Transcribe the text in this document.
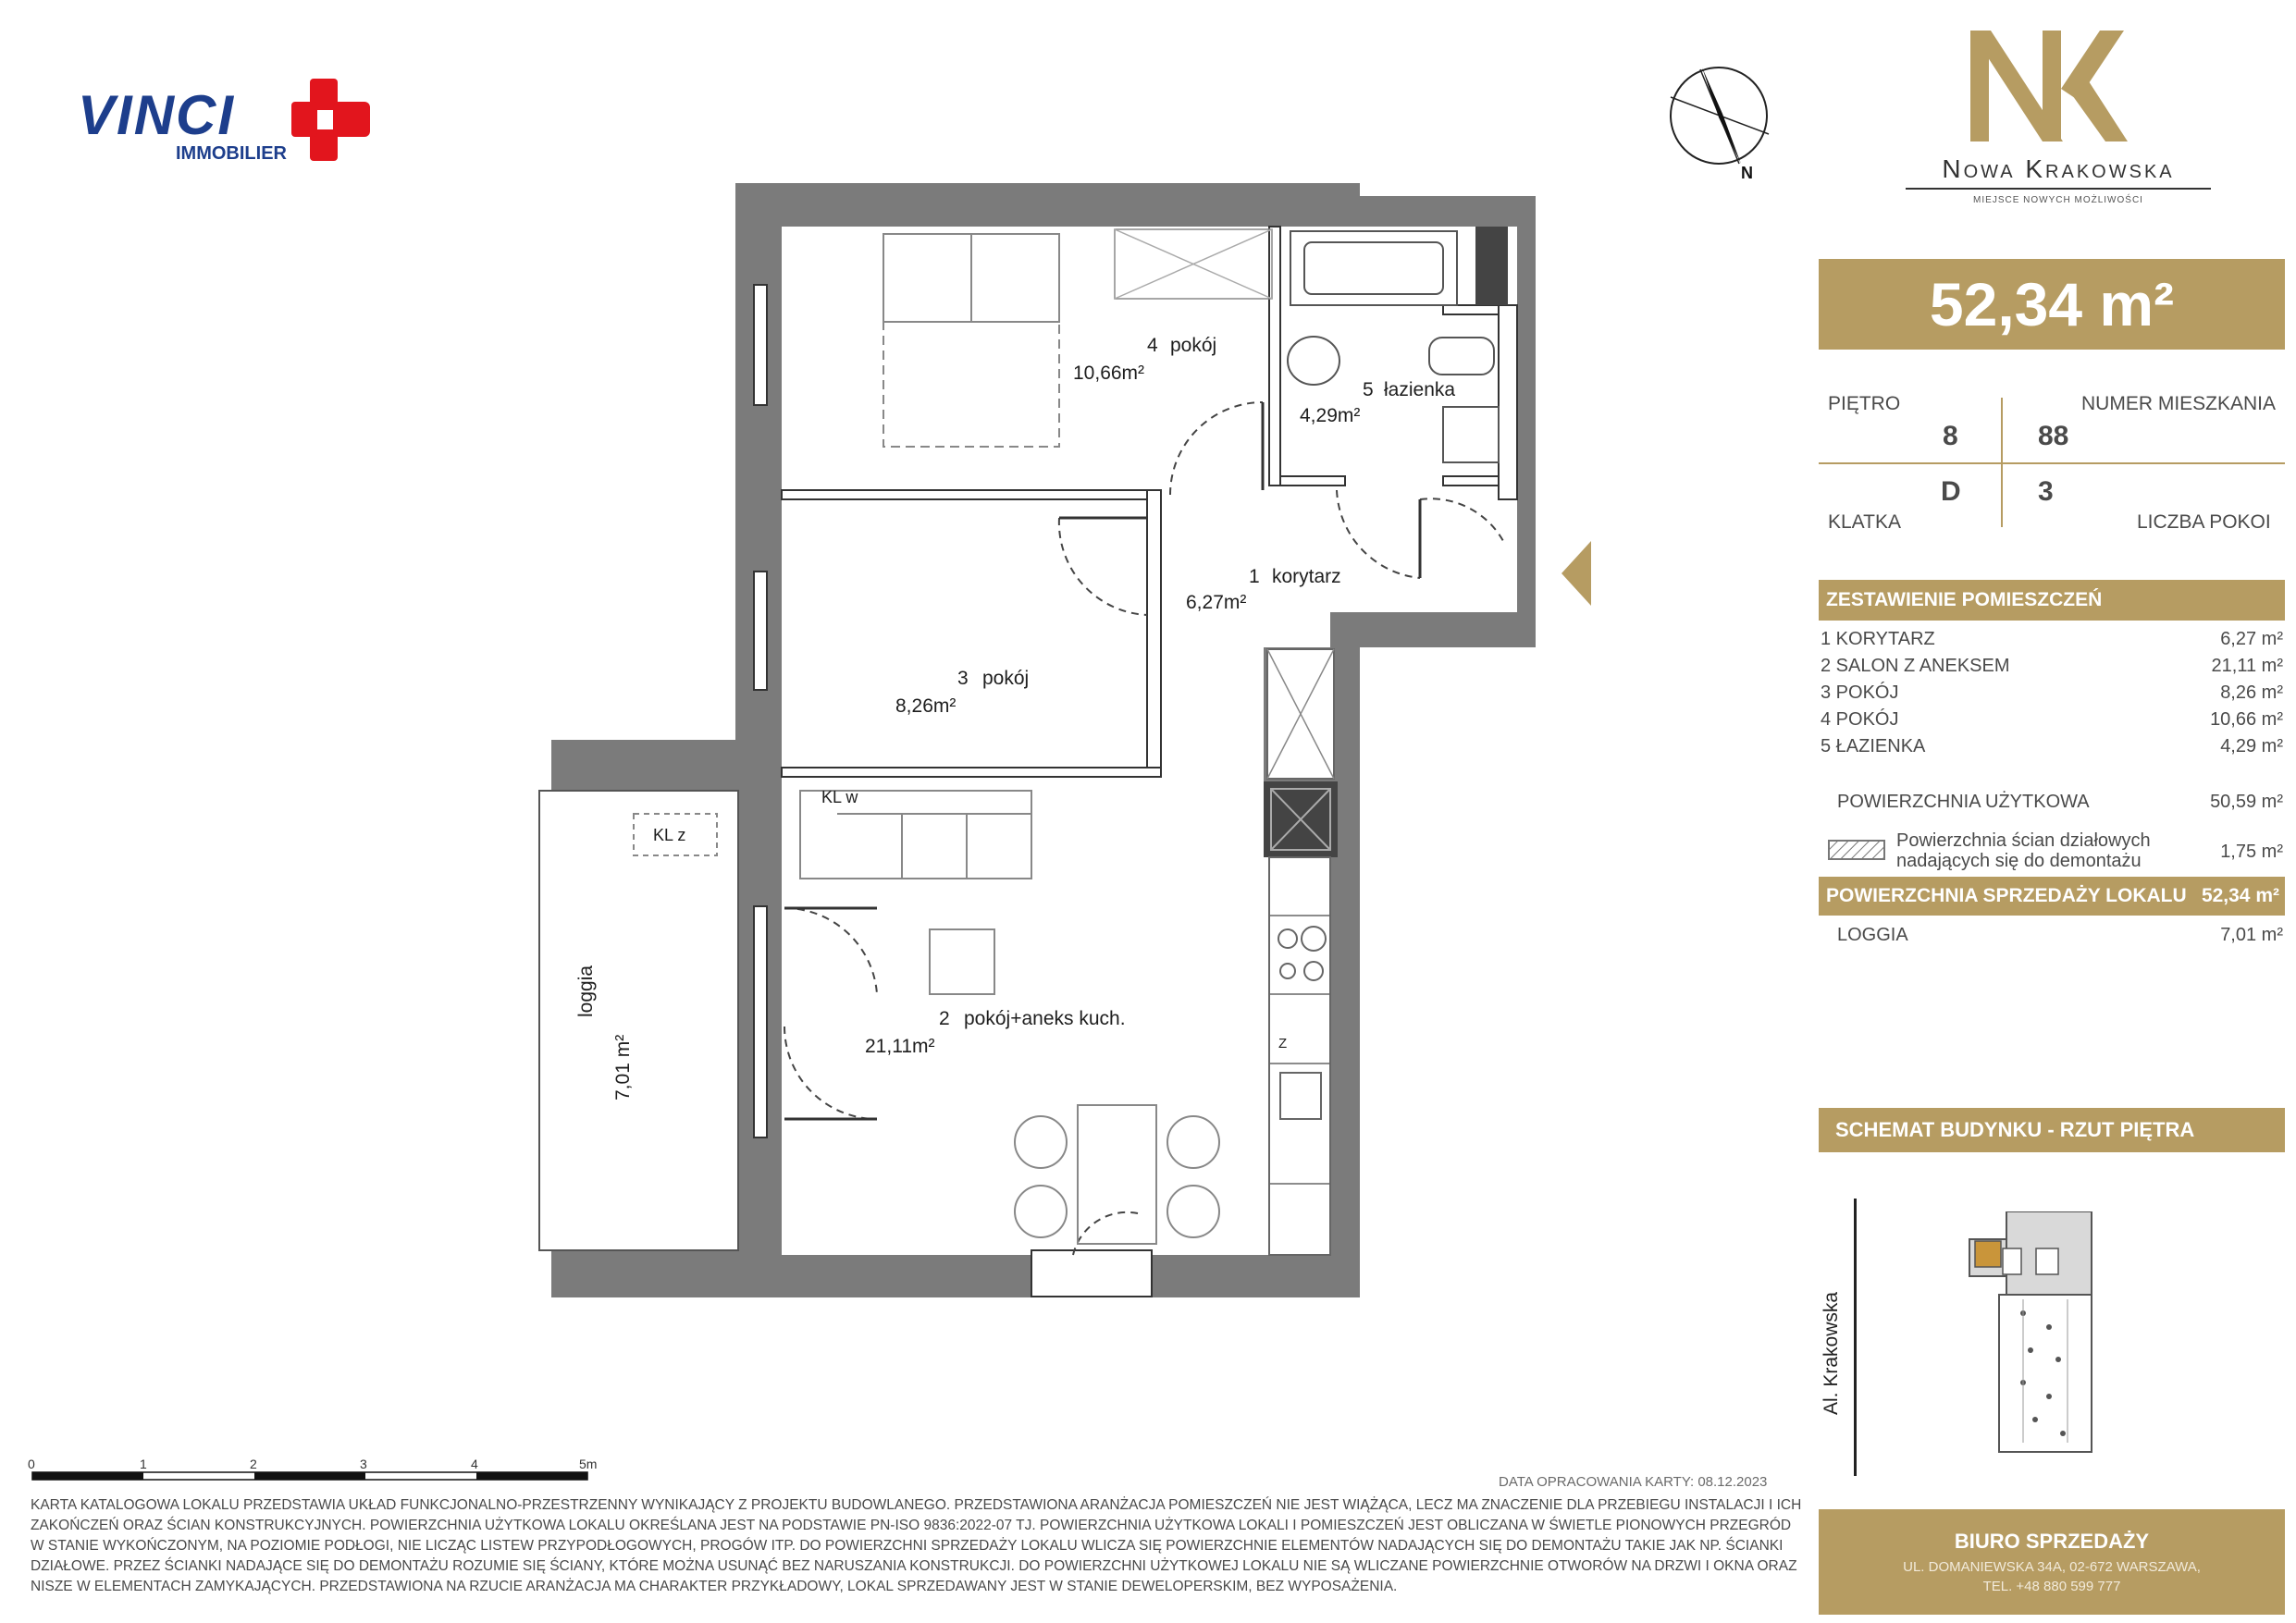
VINCI
IMMOBILIER
N	Nowa Krakowska
MIEJSCE NOWYCH MOŻLIWOŚCI
52,34 m²
PIĘTRO	NUMER MIESZKANIA
8	88
D	3
KLATKA	LICZBA POKOI
ZESTAWIENIE POMIESZCZEŃ
1 KORYTARZ	6,27 m²
2 SALON Z ANEKSEM	21,11 m²
3 POKÓJ	8,26 m²
4 POKÓJ	10,66 m²
5 ŁAZIENKA	4,29 m²
POWIERZCHNIA UŻYTKOWA	50,59 m²
Powierzchnia ścian działowych
nadających się do demontażu	1,75 m²
POWIERZCHNIA SPRZEDAŻY LOKALU 52,34 m²
LOGGIA	7,01 m²
SCHEMAT BUDYNKU - RZUT PIĘTRA
Al. Krakowska
BIURO SPRZEDAŻY
UL. DOMANIEWSKA 34A, 02-672 WARSZAWA,
TEL. +48 880 599 777
4 pokój
10,66m²
5 łazienka
4,29m²
1 korytarz
6,27m²
3 pokój
8,26m²
2 pokój+aneks kuch.
21,11m²
KL w
KL z
Z
loggia
7,01 m²
0	1	2	3	4	5m
DATA OPRACOWANIA KARTY: 08.12.2023
KARTA KATALOGOWA LOKALU PRZEDSTAWIA UKŁAD FUNKCJONALNO-PRZESTRZENNY WYNIKAJĄCY Z PROJEKTU BUDOWLANEGO. PRZEDSTAWIONA ARANŻACJA POMIESZCZEŃ NIE JEST WIĄŻĄCA, LECZ MA ZNACZENIE DLA PRZEBIEGU INSTALACJI I ICH ZAKOŃCZEŃ ORAZ ŚCIAN KONSTRUKCYJNYCH. POWIERZCHNIA UŻYTKOWA LOKALU OKREŚLANA JEST NA PODSTAWIE PN-ISO 9836:2022-07 TJ. POWIERZCHNIA UŻYTKOWA LOKALI I POMIESZCZEŃ JEST OBLICZANA W ŚWIETLE PIONOWYCH PRZEGRÓD W STANIE WYKOŃCZONYM, NA POZIOMIE PODŁOGI, NIE LICZĄC LISTEW PRZYPODŁOGOWYCH, PROGÓW ITP. DO POWIERZCHNI SPRZEDAŻY LOKALU WLICZA SIĘ POWIERZCHNIE ELEMENTÓW NADAJĄCYCH SIĘ DO DEMONTAŻU TAKIE JAK NP. ŚCIANKI DZIAŁOWE. PRZEZ ŚCIANKI NADAJĄCE SIĘ DO DEMONTAŻU ROZUMIE SIĘ ŚCIANY, KTÓRE MOŻNA USUNĄĆ BEZ NARUSZANIA KONSTRUKCJI. DO POWIERZCHNI UŻYTKOWEJ LOKALU NIE SĄ WLICZANE POWIERZCHNIE OTWORÓW NA DRZWI I OKNA ORAZ NISZE W ELEMENTACH ZAMYKAJĄCYCH. PRZEDSTAWIONA NA RZUCIE ARANŻACJA MA CHARAKTER PRZYKŁADOWY, LOKAL SPRZEDAWANY JEST W STANIE DEWELOPERSKIM, BEZ WYPOSAŻENIA.
